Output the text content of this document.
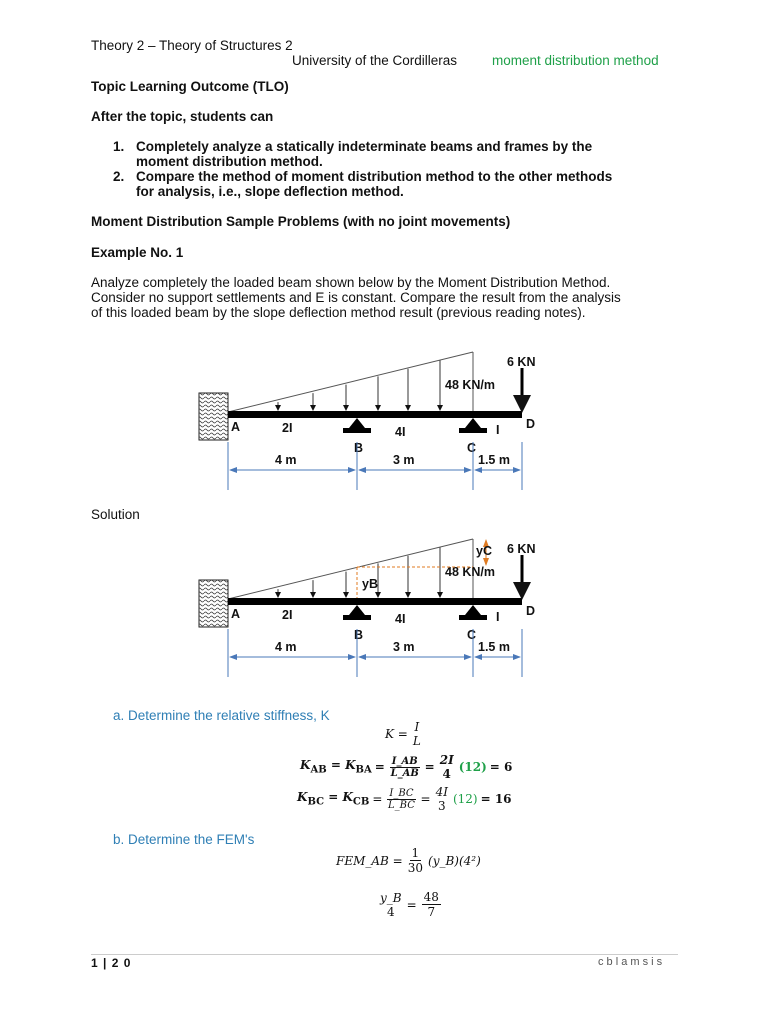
Theory 2 – Theory of Structures 2
University of the Cordilleras	moment distribution method
Topic Learning Outcome (TLO)
After the topic, students can
1. Completely analyze a statically indeterminate beams and frames by the
moment distribution method.
2. Compare the method of moment distribution method to the other methods
for analysis, i.e., slope deflection method.
Moment Distribution Sample Problems (with no joint movements)
Example No. 1
Analyze completely the loaded beam shown below by the Moment Distribution Method.
Consider no support settlements and E is constant. Compare the result from the analysis
of this loaded beam by the slope deflection method result (previous reading notes).
6 KN
48 KN/m
A
B	C
D
2I	4I	I
4 m	3 m	1.5 m
6 KN
48 KN/m
A
B	C
D
2I	4I	I
4 m	3 m	1.5 m
yB
yC
Solution
a. Determine the relative stiffness, K
K = I
L
$K_{AB} = K_{BA} = \frac{I\_AB}{L\_AB} = 2I$
4 (12) = 6
$K_{BC} = K_{CB} = \frac{I\_BC}{L\_BC} = 4I$
3 (12) = 16
b. Determine the FEM's
FEM_AB = $\frac{1}{30}$ (y_B)(4²)
y_B
$4 = \frac{48}{7}$
1 | 2 0	c b l a m s i s
